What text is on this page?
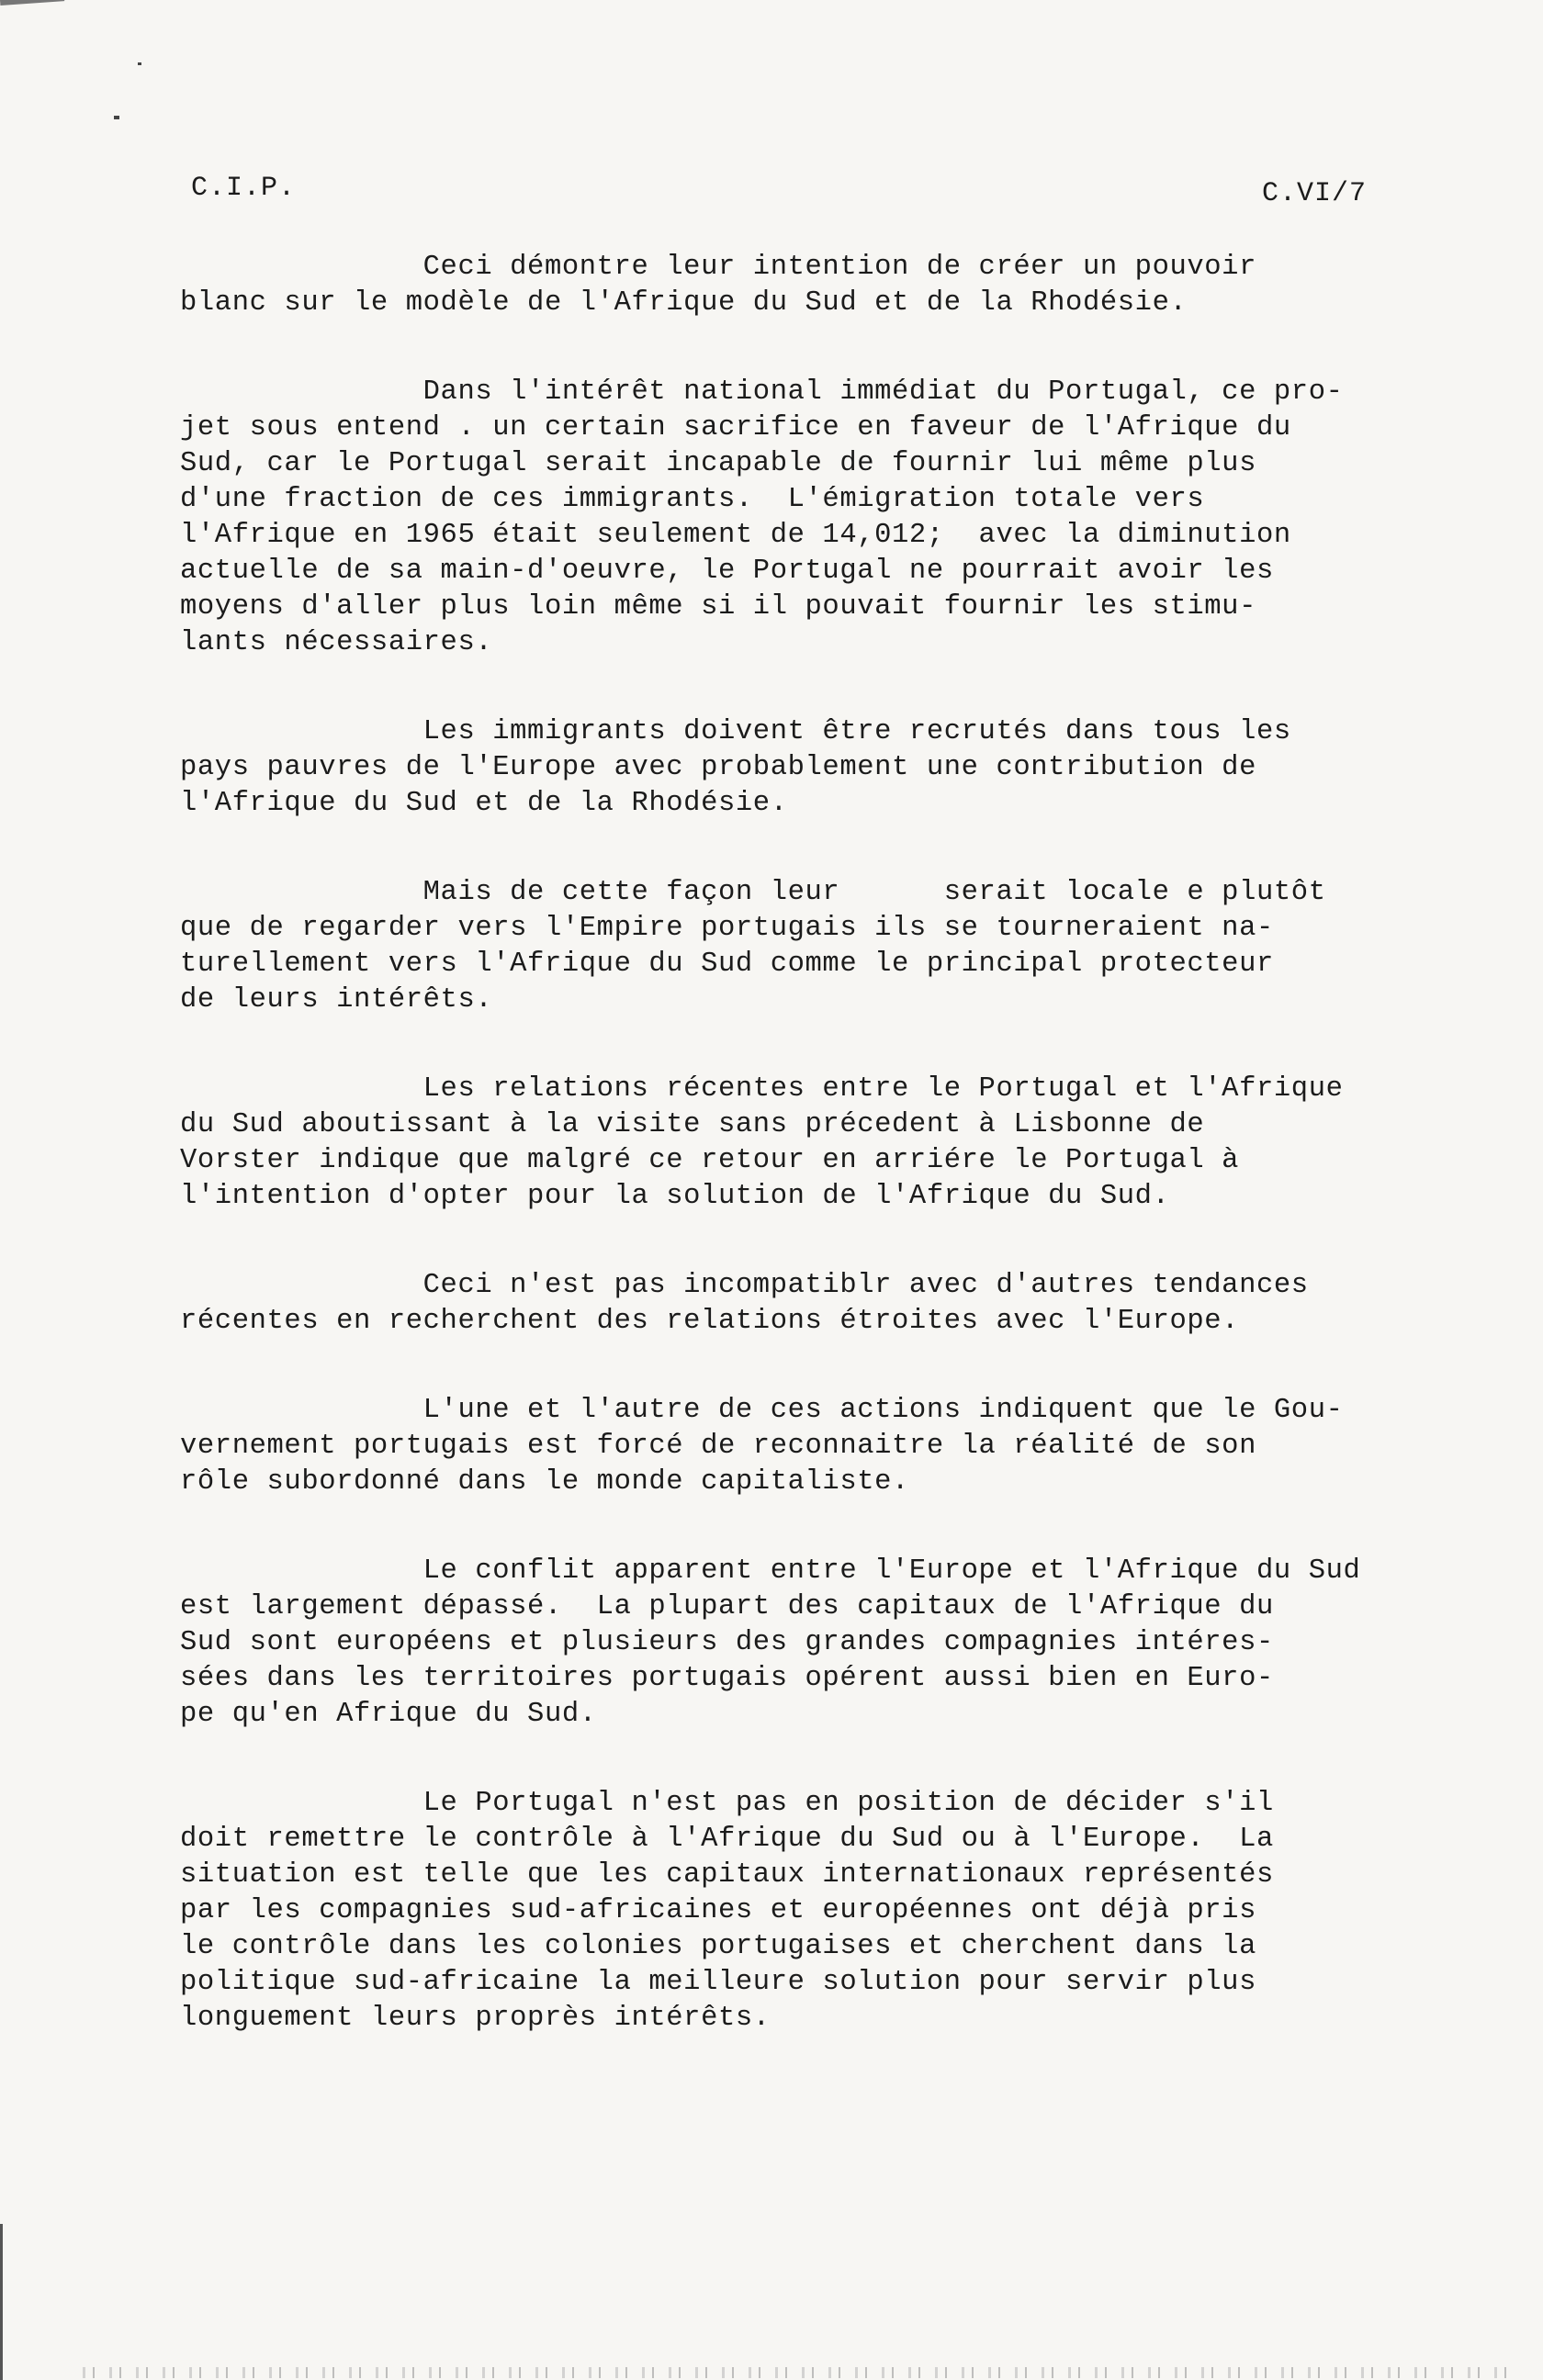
C.I.P.	C.VI/7
Ceci démontre leur intention de créer un pouvoir
blanc sur le modèle de l'Afrique du Sud et de la Rhodésie.
Dans l'intérêt national immédiat du Portugal, ce pro-
jet sous entend . un certain sacrifice en faveur de l'Afrique du
Sud, car le Portugal serait incapable de fournir lui même plus
d'une fraction de ces immigrants.  L'émigration totale vers
l'Afrique en 1965 était seulement de 14,012;  avec la diminution
actuelle de sa main-d'oeuvre, le Portugal ne pourrait avoir les
moyens d'aller plus loin même si il pouvait fournir les stimu-
lants nécessaires.
Les immigrants doivent être recrutés dans tous les
pays pauvres de l'Europe avec probablement une contribution de
l'Afrique du Sud et de la Rhodésie.
Mais de cette façon leur      serait locale e plutôt
que de regarder vers l'Empire portugais ils se tourneraient na-
turellement vers l'Afrique du Sud comme le principal protecteur
de leurs intérêts.
Les relations récentes entre le Portugal et l'Afrique
du Sud aboutissant à la visite sans précedent à Lisbonne de
Vorster indique que malgré ce retour en arriére le Portugal à
l'intention d'opter pour la solution de l'Afrique du Sud.
Ceci n'est pas incompatiblr avec d'autres tendances
récentes en recherchent des relations étroites avec l'Europe.
L'une et l'autre de ces actions indiquent que le Gou-
vernement portugais est forcé de reconnaitre la réalité de son
rôle subordonné dans le monde capitaliste.
Le conflit apparent entre l'Europe et l'Afrique du Sud
est largement dépassé.  La plupart des capitaux de l'Afrique du
Sud sont européens et plusieurs des grandes compagnies intéres-
sées dans les territoires portugais opérent aussi bien en Euro-
pe qu'en Afrique du Sud.
Le Portugal n'est pas en position de décider s'il
doit remettre le contrôle à l'Afrique du Sud ou à l'Europe.  La
situation est telle que les capitaux internationaux représentés
par les compagnies sud-africaines et européennes ont déjà pris
le contrôle dans les colonies portugaises et cherchent dans la
politique sud-africaine la meilleure solution pour servir plus
longuement leurs proprès intérêts.
